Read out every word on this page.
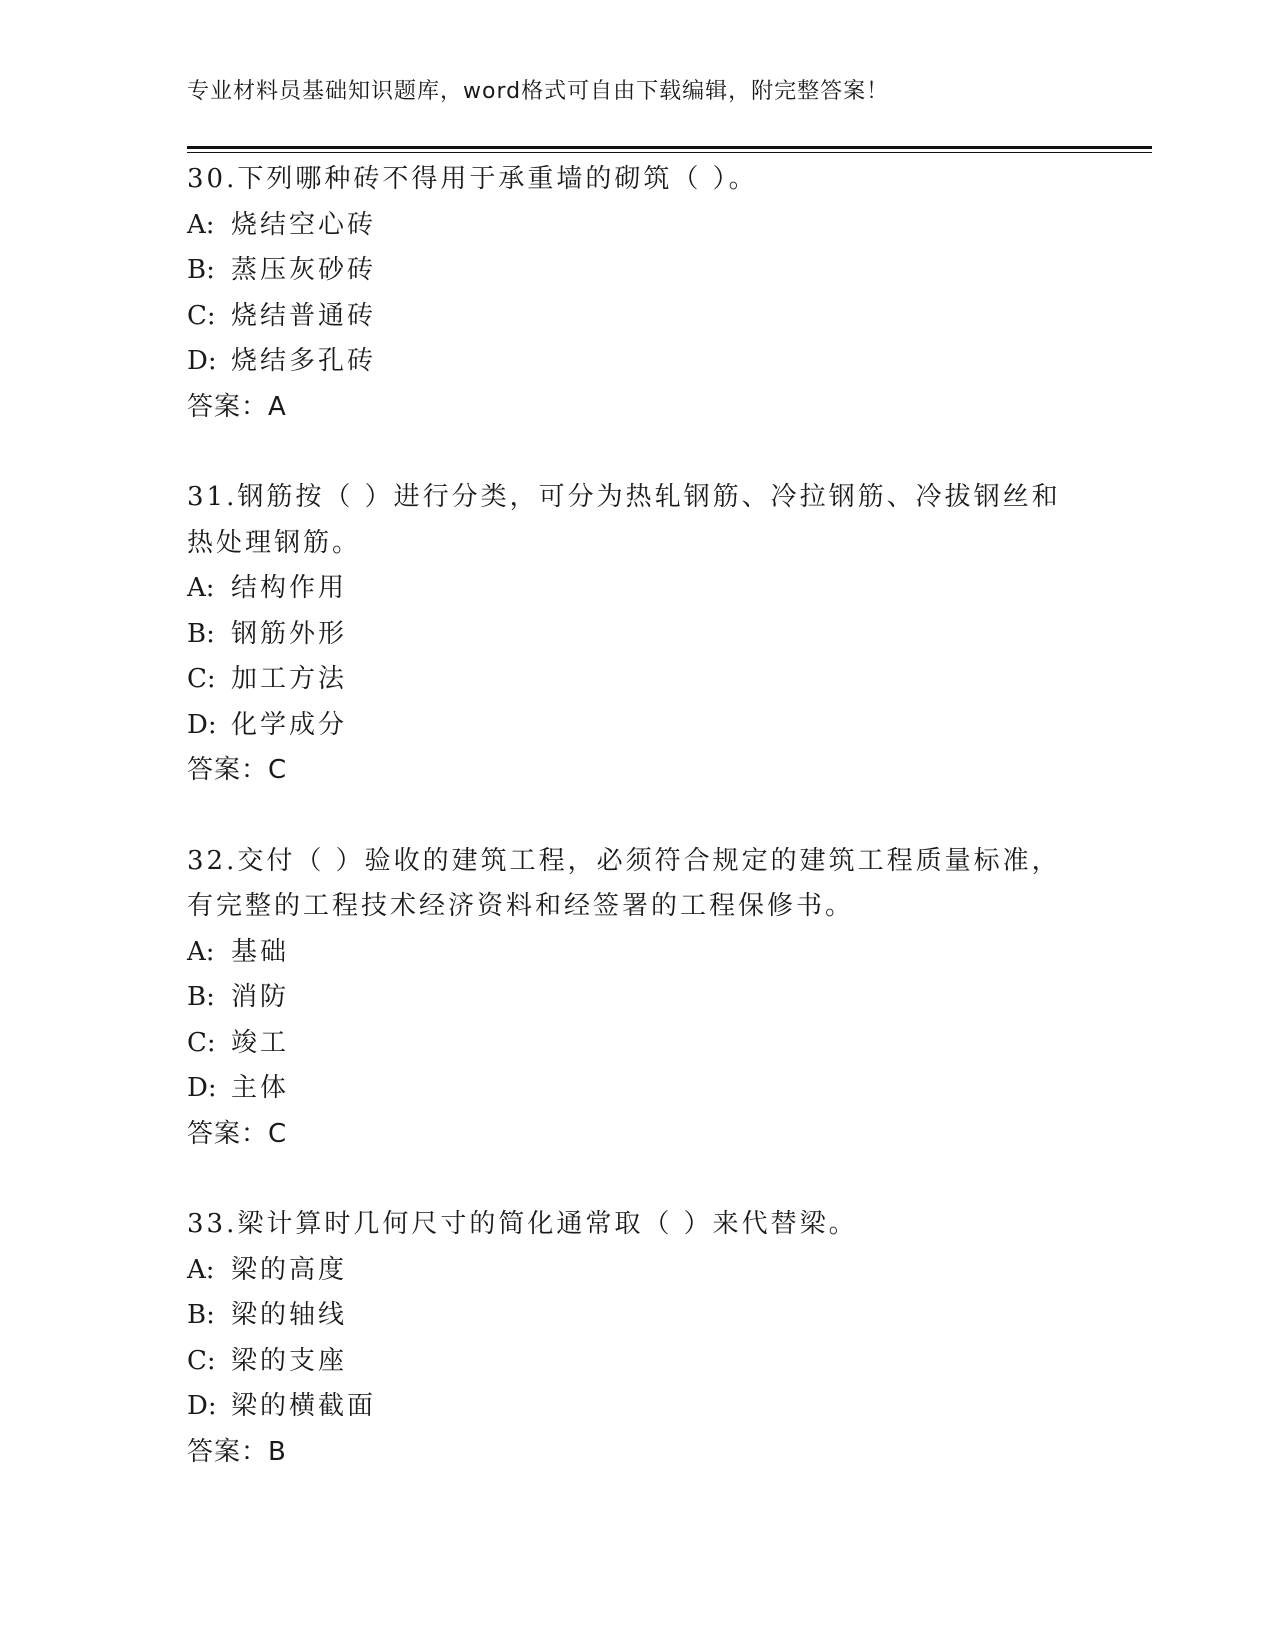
专业材料员基础知识题库，word格式可自由下载编辑，附完整答案！
30.下列哪种砖不得用于承重墙的砌筑（ ）。
A: 烧结空心砖
B: 蒸压灰砂砖
C: 烧结普通砖
D: 烧结多孔砖
答案：A
31.钢筋按（ ）进行分类，可分为热轧钢筋、冷拉钢筋、冷拔钢丝和热处理钢筋。
A: 结构作用
B: 钢筋外形
C: 加工方法
D: 化学成分
答案：C
32.交付（ ）验收的建筑工程，必须符合规定的建筑工程质量标准，有完整的工程技术经济资料和经签署的工程保修书。
A: 基础
B: 消防
C: 竣工
D: 主体
答案：C
33.梁计算时几何尺寸的简化通常取（ ）来代替梁。
A: 梁的高度
B: 梁的轴线
C: 梁的支座
D: 梁的横截面
答案：B
